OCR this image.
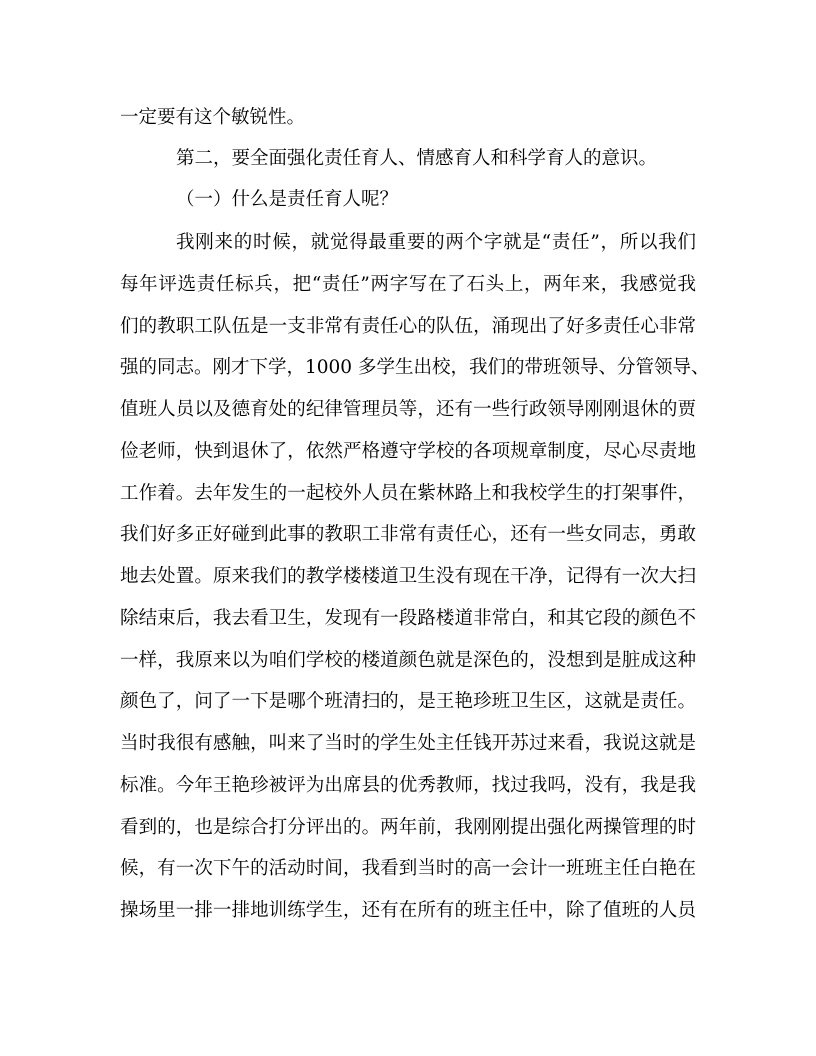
一定要有这个敏锐性。
第二，要全面强化责任育人、情感育人和科学育人的意识。
（一）什么是责任育人呢？
我刚来的时候，就觉得最重要的两个字就是“责任”，所以我们
每年评选责任标兵，把“责任”两字写在了石头上，两年来，我感觉我
们的教职工队伍是一支非常有责任心的队伍，涌现出了好多责任心非常
强的同志。刚才下学，1000 多学生出校，我们的带班领导、分管领导、
值班人员以及德育处的纪律管理员等，还有一些行政领导刚刚退休的贾
俭老师，快到退休了，依然严格遵守学校的各项规章制度，尽心尽责地
工作着。去年发生的一起校外人员在紫林路上和我校学生的打架事件，
我们好多正好碰到此事的教职工非常有责任心，还有一些女同志，勇敢
地去处置。原来我们的教学楼楼道卫生没有现在干净，记得有一次大扫
除结束后，我去看卫生，发现有一段路楼道非常白，和其它段的颜色不
一样，我原来以为咱们学校的楼道颜色就是深色的，没想到是脏成这种
颜色了，问了一下是哪个班清扫的，是王艳珍班卫生区，这就是责任。
当时我很有感触，叫来了当时的学生处主任钱开苏过来看，我说这就是
标准。今年王艳珍被评为出席县的优秀教师，找过我吗，没有，我是我
看到的，也是综合打分评出的。两年前，我刚刚提出强化两操管理的时
候，有一次下午的活动时间，我看到当时的高一会计一班班主任白艳在
操场里一排一排地训练学生，还有在所有的班主任中，除了值班的人员
